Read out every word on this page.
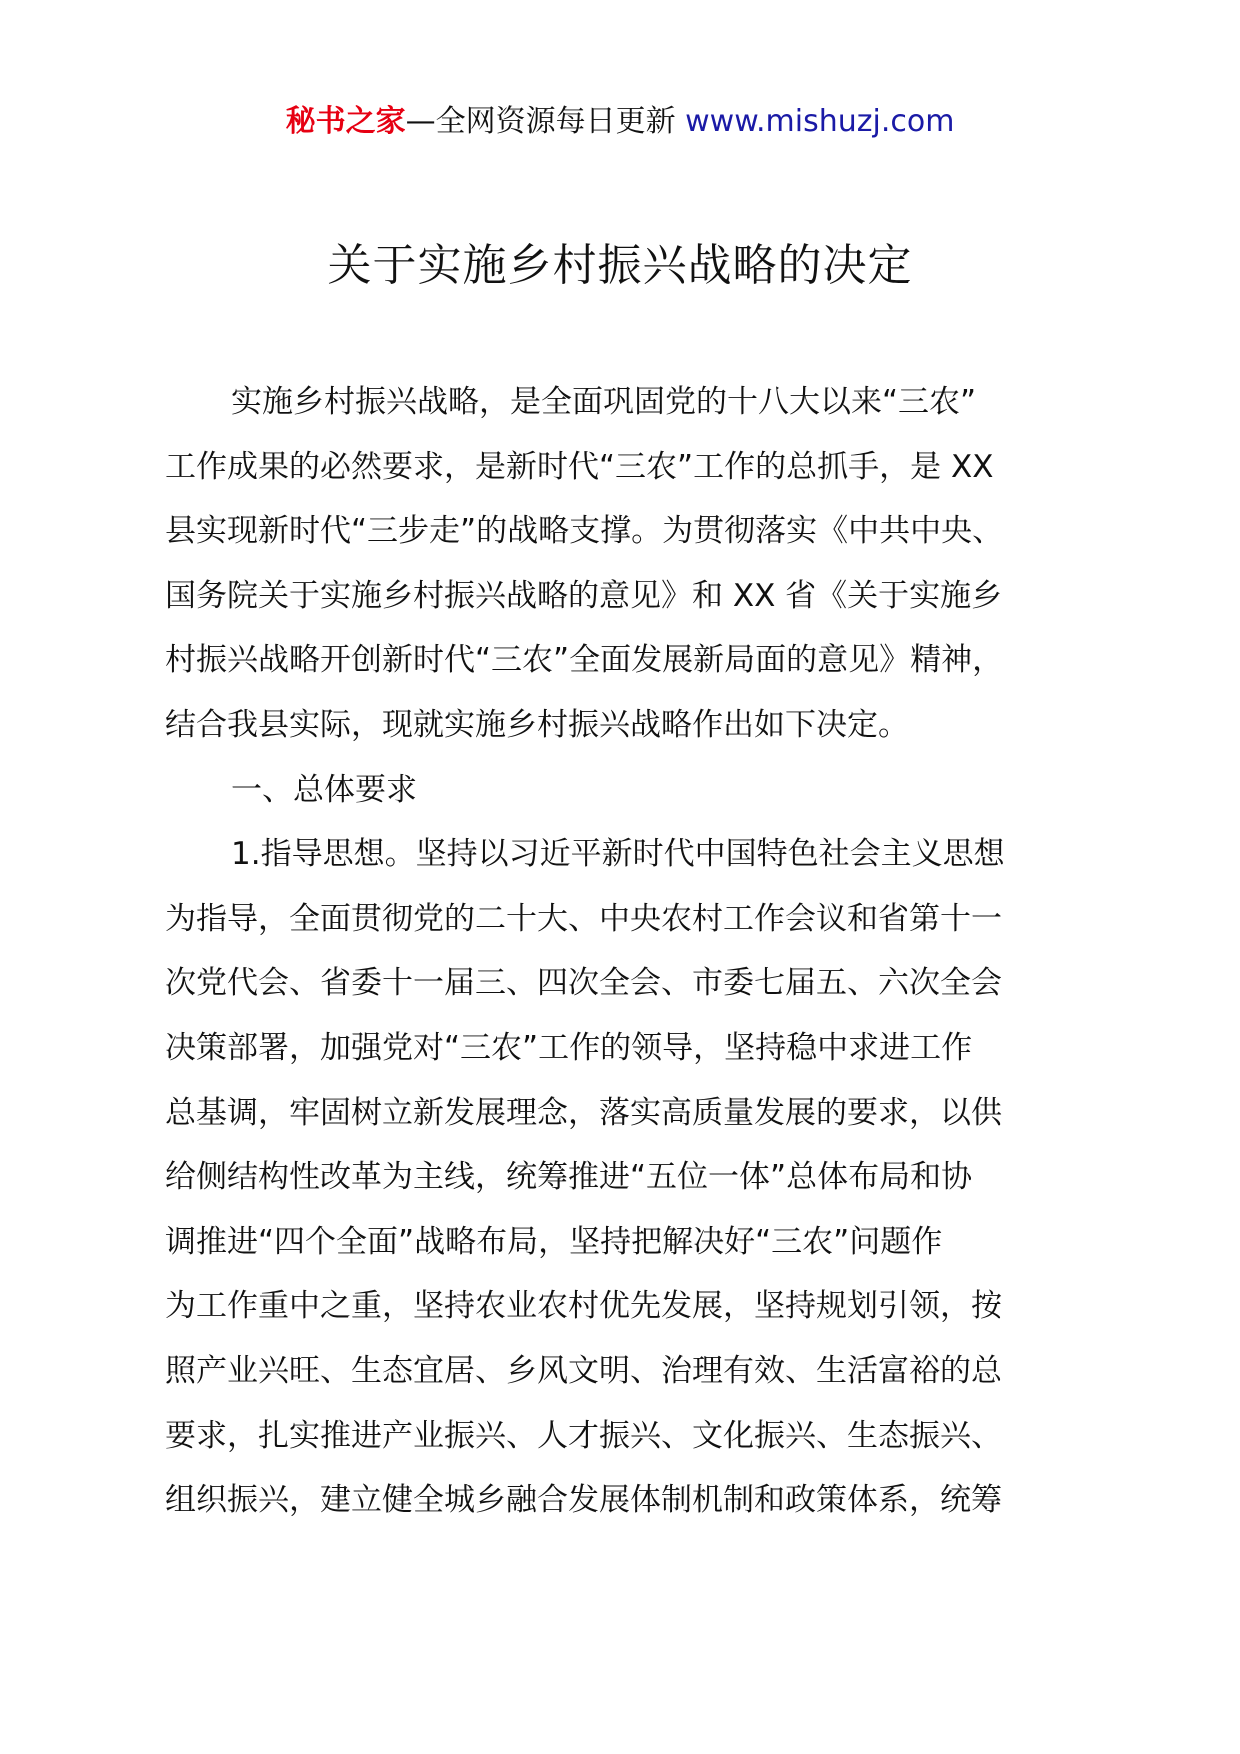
秘书之家—全网资源每日更新 www.mishuzj.com
关于实施乡村振兴战略的决定
实施乡村振兴战略，是全面巩固党的十八大以来“三农”
工作成果的必然要求，是新时代“三农”工作的总抓手，是 XX
县实现新时代“三步走”的战略支撑。为贯彻落实《中共中央、
国务院关于实施乡村振兴战略的意见》和 XX 省《关于实施乡
村振兴战略开创新时代“三农”全面发展新局面的意见》精神，
结合我县实际，现就实施乡村振兴战略作出如下决定。
一、总体要求
1.指导思想。坚持以习近平新时代中国特色社会主义思想
为指导，全面贯彻党的二十大、中央农村工作会议和省第十一
次党代会、省委十一届三、四次全会、市委七届五、六次全会
决策部署，加强党对“三农”工作的领导，坚持稳中求进工作
总基调，牢固树立新发展理念，落实高质量发展的要求，以供
给侧结构性改革为主线，统筹推进“五位一体”总体布局和协
调推进“四个全面”战略布局，坚持把解决好“三农”问题作
为工作重中之重，坚持农业农村优先发展，坚持规划引领，按
照产业兴旺、生态宜居、乡风文明、治理有效、生活富裕的总
要求，扎实推进产业振兴、人才振兴、文化振兴、生态振兴、
组织振兴，建立健全城乡融合发展体制机制和政策体系，统筹
